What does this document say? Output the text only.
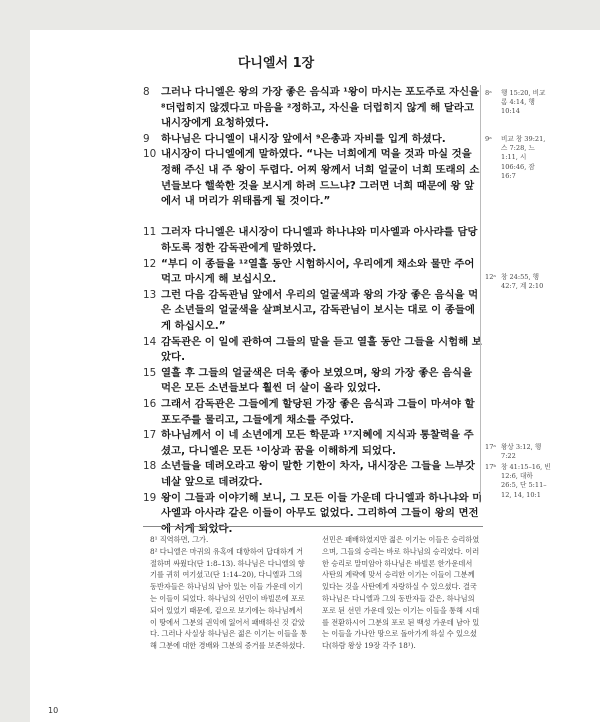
다니엘서 1장

8 그러나 다니엘은 왕의 가장 좋은 음식과 ¹왕이 마시는 포도주로 자신을 ⁸더럽히지 않겠다고 마음을 ²정하고, 자신을 더럽히지 않게 해 달라고 내시장에게 요청하였다.

9 하나님은 다니엘이 내시장 앞에서 ⁹은총과 자비를 입게 하셨다.

10 내시장이 다니엘에게 말하였다. “나는 너희에게 먹을 것과 마실 것을 정해 주신 내 주 왕이 두렵다. 어찌 왕께서 너희 얼굴이 너희 또래의 소년들보다 핼쑥한 것을 보시게 하려 드느냐? 그러면 너희 때문에 왕 앞에서 내 머리가 위태롭게 될 것이다.”

11 그러자 다니엘은 내시장이 다니엘과 하나냐와 미사엘과 아사랴를 담당하도록 정한 감독관에게 말하였다.

12 “부디 이 종들을 ¹²열흘 동안 시험하시어, 우리에게 채소와 물만 주어 먹고 마시게 해 보십시오.

13 그런 다음 감독관님 앞에서 우리의 얼굴색과 왕의 가장 좋은 음식을 먹은 소년들의 얼굴색을 살펴보시고, 감독관님이 보시는 대로 이 종들에게 하십시오.”

14 감독관은 이 일에 관하여 그들의 말을 듣고 열흘 동안 그들을 시험해 보았다.

15 열흘 후 그들의 얼굴색은 더욱 좋아 보였으며, 왕의 가장 좋은 음식을 먹은 모든 소년들보다 훨씬 더 살이 올라 있었다.

16 그래서 감독관은 그들에게 할당된 가장 좋은 음식과 그들이 마셔야 할 포도주를 물리고, 그들에게 채소를 주었다.

17 하나님께서 이 네 소년에게 모든 학문과 ¹⁷지혜에 지식과 통찰력을 주셨고, 다니엘은 모든 ¹이상과 꿈을 이해하게 되었다.

18 소년들을 데려오라고 왕이 말한 기한이 차자, 내시장은 그들을 느부갓네살 앞으로 데려갔다.

19 왕이 그들과 이야기해 보니, 그 모든 이들 가운데 다니엘과 하나냐와 미사엘과 아사랴 같은 이들이 아무도 없었다. 그리하여 그들이 왕의 면전에 서게 되었다.

8ᵃ	행 15:20, 비교 롬 4:14, 행 10:14
9ᵃ	비교 창 39:21, 스 7:28, 느 1:11, 시 106:46, 잠 16:7
12ᵃ 창 24:55, 행 42:7, 계 2:10
17ᵃ 왕상 3:12, 행 7:22
17ᵇ 창 41:15–16, 빈 12:6, 대하 26:5, 단 5:11–12, 14, 10:1
8¹ 직역하면, 그가.
8² 다니엘은 마귀의 유혹에 대항하여 답대하게 거절하며 싸웠다(단 1:8–13). 하나님은 다니엘의 향기를 귀히 여기셨고(단 1:14–20), 다니엘과 그의 동반자들은 하나님의 남아 있는 이들 가운데 이기는 이들이 되었다. 하나님의 선민이 바빌론에 포로 되어 있었기 때문에, 겉으로 보기에는 하나님께서 이 땅에서 그분의 권익에 잃어서 패배하신 것 같았다. 그러나 사실상 하나님은 젊은 이기는 이들을 통해 그분에 대한 경배와 그분의 증거를 보존하셨다. 선민은 패배하였지만 젊은 이기는 이들은 승리하였으며, 그들의 승리는 바로 하나님의 승리였다. 이러한 승리로 말미암아 하나님은 바빌론 한가운데서 사탄의 계략에 맞서 승리한 이기는 이들이 그분께 있다는 것을 사탄에게 자랑하실 수 있으셨다. 결국 하나님은 다니엘과 그의 동반자들 같은, 하나님의 포로 된 선민 가운데 있는 이기는 이들을 통해 시대를 전환하시어 그분의 포로 된 백성 가운데 남아 있는 이들을 가나안 땅으로 돌아가게 하실 수 있으셨다(하람 왕상 19장 각주 18¹).
10
